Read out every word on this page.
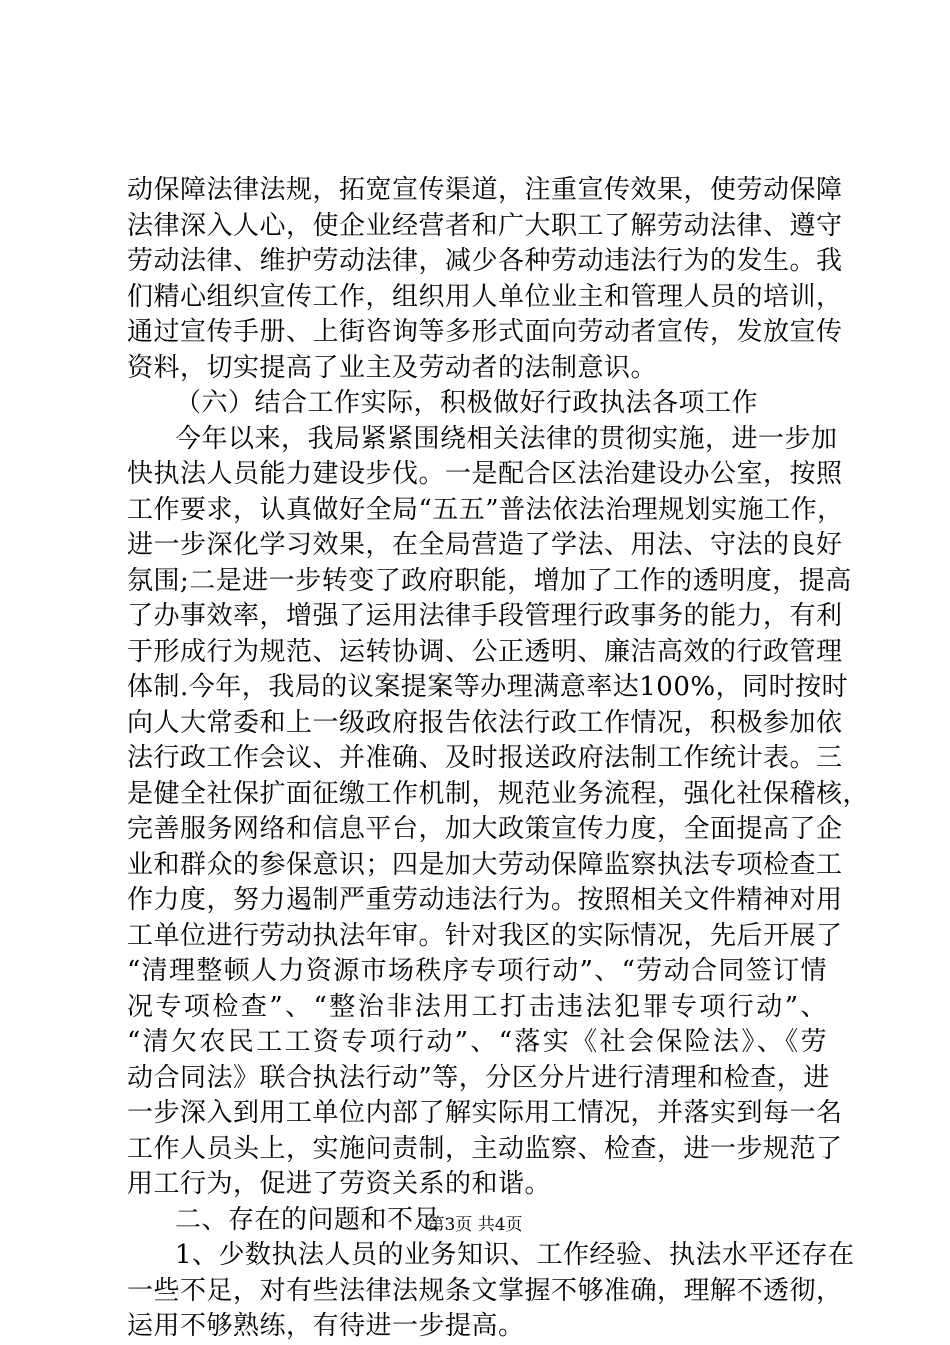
动保障法律法规，拓宽宣传渠道，注重宣传效果，使劳动保障
法律深入人心，使企业经营者和广大职工了解劳动法律、遵守
劳动法律、维护劳动法律，减少各种劳动违法行为的发生。我
们精心组织宣传工作，组织用人单位业主和管理人员的培训，
通过宣传手册、上街咨询等多形式面向劳动者宣传，发放宣传
资料，切实提高了业主及劳动者的法制意识。
（六）结合工作实际，积极做好行政执法各项工作
今年以来，我局紧紧围绕相关法律的贯彻实施，进一步加
快执法人员能力建设步伐。一是配合区法治建设办公室，按照
工作要求，认真做好全局“五五”普法依法治理规划实施工作，
进一步深化学习效果，在全局营造了学法、用法、守法的良好
氛围;二是进一步转变了政府职能，增加了工作的透明度，提高
了办事效率，增强了运用法律手段管理行政事务的能力，有利
于形成行为规范、运转协调、公正透明、廉洁高效的行政管理
体制.今年，我局的议案提案等办理满意率达100%，同时按时
向人大常委和上一级政府报告依法行政工作情况，积极参加依
法行政工作会议、并准确、及时报送政府法制工作统计表。三
是健全社保扩面征缴工作机制，规范业务流程，强化社保稽核，
完善服务网络和信息平台，加大政策宣传力度，全面提高了企
业和群众的参保意识；四是加大劳动保障监察执法专项检查工
作力度，努力遏制严重劳动违法行为。按照相关文件精神对用
工单位进行劳动执法年审。针对我区的实际情况，先后开展了
“清理整顿人力资源市场秩序专项行动”、“劳动合同签订情
况专项检查”、“整治非法用工打击违法犯罪专项行动”、
“清欠农民工工资专项行动”、“落实《社会保险法》、《劳
动合同法》联合执法行动”等，分区分片进行清理和检查，进
一步深入到用工单位内部了解实际用工情况，并落实到每一名
工作人员头上，实施问责制，主动监察、检查，进一步规范了
用工行为，促进了劳资关系的和谐。
二、存在的问题和不足
1、少数执法人员的业务知识、工作经验、执法水平还存在
一些不足，对有些法律法规条文掌握不够准确，理解不透彻，
运用不够熟练，有待进一步提高。
第3页 共4页
